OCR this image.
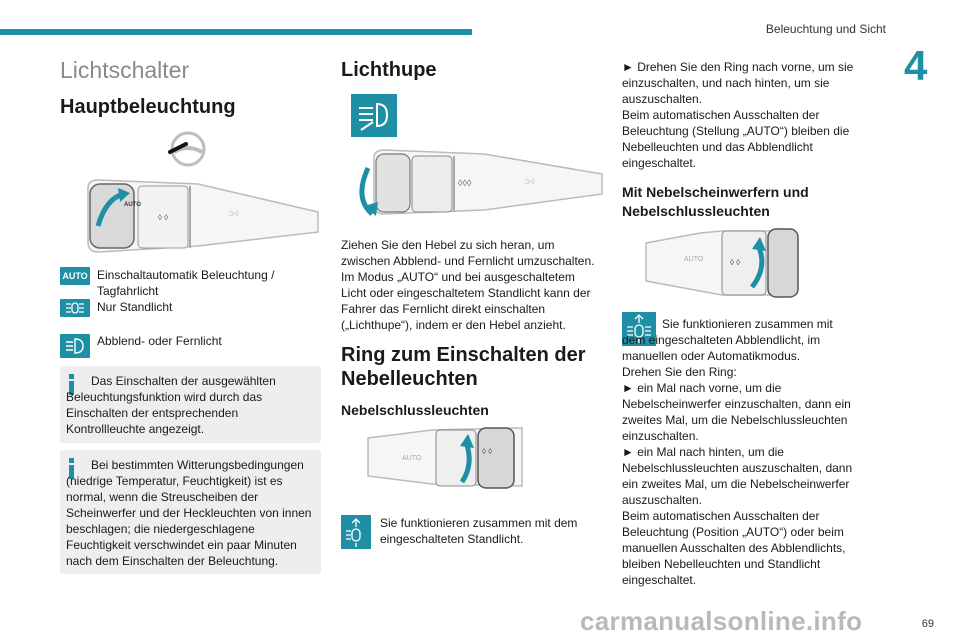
Beleuchtung und Sicht
4
Lichtschalter
Hauptbeleuchtung
AUTO
◊ ◊	⊃◊
AUTO Einschaltautomatik Beleuchtung / Tagfahrlicht
Nur Standlicht
Abblend- oder Fernlicht
Das Einschalten der ausgewählten Beleuchtungsfunktion wird durch das Einschalten der entsprechenden Kontrollleuchte angezeigt.
Bei bestimmten Witterungsbedingungen (niedrige Temperatur, Feuchtigkeit) ist es normal, wenn die Streuscheiben der Scheinwerfer und der Heckleuchten von innen beschlagen; die niedergeschlagene Feuchtigkeit verschwindet ein paar Minuten nach dem Einschalten der Beleuchtung.
Lichthupe
◊◊◊	⊃◊
Ziehen Sie den Hebel zu sich heran, um zwischen Abblend- und Fernlicht umzuschalten. Im Modus „AUTO“ und bei ausgeschaltetem Licht oder eingeschaltetem Standlicht kann der Fahrer das Fernlicht direkt einschalten („Lichthupe“), indem er den Hebel anzieht.
Ring zum Einschalten der Nebelleuchten
Nebelschlussleuchten
AUTO
◊ ◊
Sie funktionieren zusammen mit dem eingeschalteten Standlicht.
► Drehen Sie den Ring nach vorne, um sie einzuschalten, und nach hinten, um sie auszuschalten.
Beim automatischen Ausschalten der Beleuchtung (Stellung „AUTO“) bleiben die Nebelleuchten und das Abblendlicht eingeschaltet.
Mit Nebelscheinwerfern und Nebelschlussleuchten
AUTO	◊ ◊
Sie funktionieren zusammen mit dem eingeschalteten Abblendlicht, im manuellen oder Automatikmodus.
Drehen Sie den Ring:
► ein Mal nach vorne, um die Nebelscheinwerfer einzuschalten, dann ein zweites Mal, um die Nebelschlussleuchten einzuschalten.
► ein Mal nach hinten, um die Nebelschlussleuchten auszuschalten, dann ein zweites Mal, um die Nebelscheinwerfer auszuschalten.
Beim automatischen Ausschalten der Beleuchtung (Position „AUTO“) oder beim manuellen Ausschalten des Abblendlichts, bleiben Nebelleuchten und Standlicht eingeschaltet.
carmanualsonline.info	69
